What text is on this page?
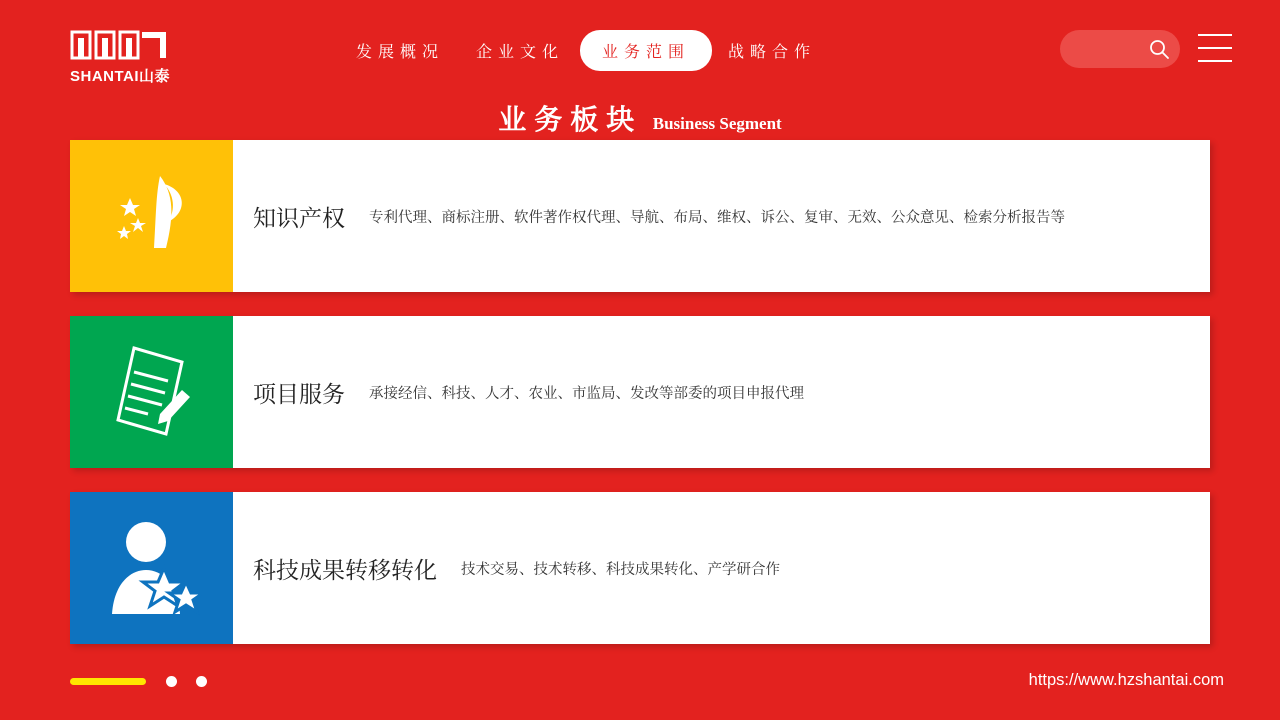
SHANTAI山泰
发展概况	企业文化	业务范围	战略合作
业务板块 Business Segment
知识产权 专利代理、商标注册、软件著作权代理、导航、布局、维权、诉公、复审、无效、公众意见、检索分析报告等
项目服务 承接经信、科技、人才、农业、市监局、发改等部委的项目申报代理
科技成果转移转化 技术交易、技术转移、科技成果转化、产学研合作
https://www.hzshantai.com
